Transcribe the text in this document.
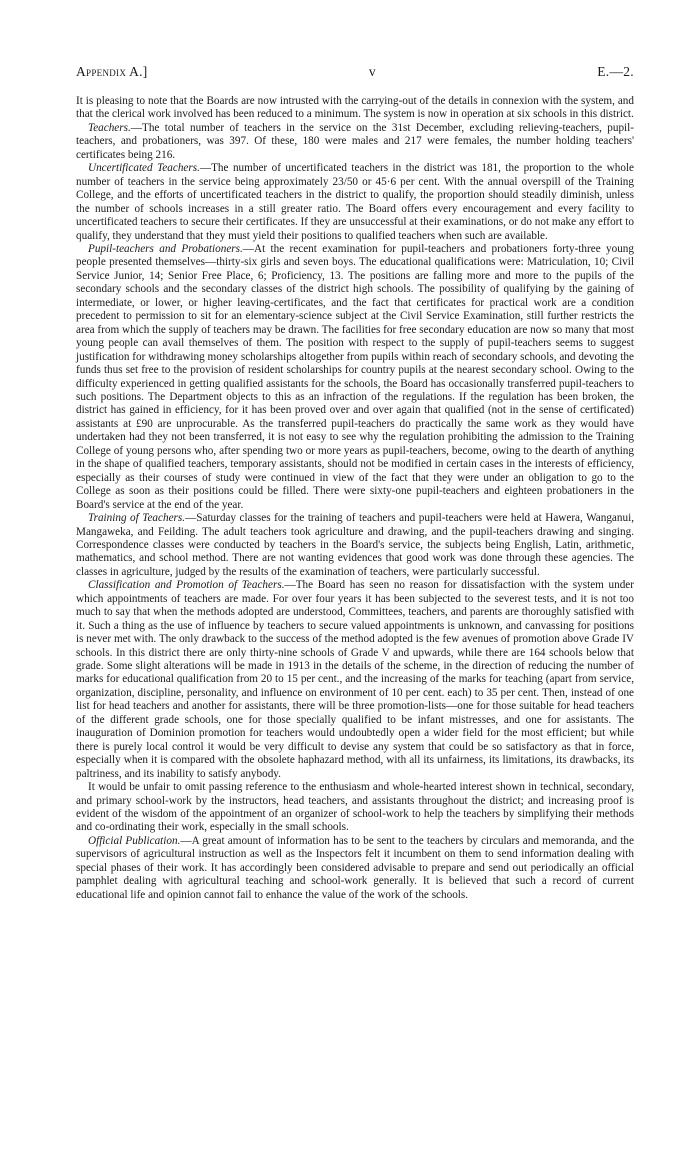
Appendix A.]	v	E.—2.

It is pleasing to note that the Boards are now intrusted with the carrying-out of the details in connexion with the system, and that the clerical work involved has been reduced to a minimum. The system is now in operation at six schools in this district.

Teachers.—The total number of teachers in the service on the 31st December, excluding relieving-teachers, pupil-teachers, and probationers, was 397. Of these, 180 were males and 217 were females, the number holding teachers' certificates being 216.

Uncertificated Teachers.—The number of uncertificated teachers in the district was 181, the proportion to the whole number of teachers in the service being approximately 23/50 or 45·6 per cent. With the annual overspill of the Training College, and the efforts of uncertificated teachers in the district to qualify, the proportion should steadily diminish, unless the number of schools increases in a still greater ratio. The Board offers every encouragement and every facility to uncertificated teachers to secure their certificates. If they are unsuccessful at their examinations, or do not make any effort to qualify, they understand that they must yield their positions to qualified teachers when such are available.

Pupil-teachers and Probationers.—At the recent examination for pupil-teachers and probationers forty-three young people presented themselves—thirty-six girls and seven boys. The educational qualifications were: Matriculation, 10; Civil Service Junior, 14; Senior Free Place, 6; Proficiency, 13. The positions are falling more and more to the pupils of the secondary schools and the secondary classes of the district high schools. The possibility of qualifying by the gaining of intermediate, or lower, or higher leaving-certificates, and the fact that certificates for practical work are a condition precedent to permission to sit for an elementary-science subject at the Civil Service Examination, still further restricts the area from which the supply of teachers may be drawn. The facilities for free secondary education are now so many that most young people can avail themselves of them. The position with respect to the supply of pupil-teachers seems to suggest justification for withdrawing money scholarships altogether from pupils within reach of secondary schools, and devoting the funds thus set free to the provision of resident scholarships for country pupils at the nearest secondary school. Owing to the difficulty experienced in getting qualified assistants for the schools, the Board has occasionally transferred pupil-teachers to such positions. The Department objects to this as an infraction of the regulations. If the regulation has been broken, the district has gained in efficiency, for it has been proved over and over again that qualified (not in the sense of certificated) assistants at £90 are unprocurable. As the transferred pupil-teachers do practically the same work as they would have undertaken had they not been transferred, it is not easy to see why the regulation prohibiting the admission to the Training College of young persons who, after spending two or more years as pupil-teachers, become, owing to the dearth of anything in the shape of qualified teachers, temporary assistants, should not be modified in certain cases in the interests of efficiency, especially as their courses of study were continued in view of the fact that they were under an obligation to go to the College as soon as their positions could be filled. There were sixty-one pupil-teachers and eighteen probationers in the Board's service at the end of the year.

Training of Teachers.—Saturday classes for the training of teachers and pupil-teachers were held at Hawera, Wanganui, Mangaweka, and Feilding. The adult teachers took agriculture and drawing, and the pupil-teachers drawing and singing. Correspondence classes were conducted by teachers in the Board's service, the subjects being English, Latin, arithmetic, mathematics, and school method. There are not wanting evidences that good work was done through these agencies. The classes in agriculture, judged by the results of the examination of teachers, were particularly successful.

Classification and Promotion of Teachers.—The Board has seen no reason for dissatisfaction with the system under which appointments of teachers are made. For over four years it has been subjected to the severest tests, and it is not too much to say that when the methods adopted are understood, Committees, teachers, and parents are thoroughly satisfied with it. Such a thing as the use of influence by teachers to secure valued appointments is unknown, and canvassing for positions is never met with. The only drawback to the success of the method adopted is the few avenues of promotion above Grade IV schools. In this district there are only thirty-nine schools of Grade V and upwards, while there are 164 schools below that grade. Some slight alterations will be made in 1913 in the details of the scheme, in the direction of reducing the number of marks for educational qualification from 20 to 15 per cent., and the increasing of the marks for teaching (apart from service, organization, discipline, personality, and influence on environment of 10 per cent. each) to 35 per cent. Then, instead of one list for head teachers and another for assistants, there will be three promotion-lists—one for those suitable for head teachers of the different grade schools, one for those specially qualified to be infant mistresses, and one for assistants. The inauguration of Dominion promotion for teachers would undoubtedly open a wider field for the most efficient; but while there is purely local control it would be very difficult to devise any system that could be so satisfactory as that in force, especially when it is compared with the obsolete haphazard method, with all its unfairness, its limitations, its drawbacks, its paltriness, and its inability to satisfy anybody.

It would be unfair to omit passing reference to the enthusiasm and whole-hearted interest shown in technical, secondary, and primary school-work by the instructors, head teachers, and assistants throughout the district; and increasing proof is evident of the wisdom of the appointment of an organizer of school-work to help the teachers by simplifying their methods and co-ordinating their work, especially in the small schools.

Official Publication.—A great amount of information has to be sent to the teachers by circulars and memoranda, and the supervisors of agricultural instruction as well as the Inspectors felt it incumbent on them to send information dealing with special phases of their work. It has accordingly been considered advisable to prepare and send out periodically an official pamphlet dealing with agricultural teaching and school-work generally. It is believed that such a record of current educational life and opinion cannot fail to enhance the value of the work of the schools.
